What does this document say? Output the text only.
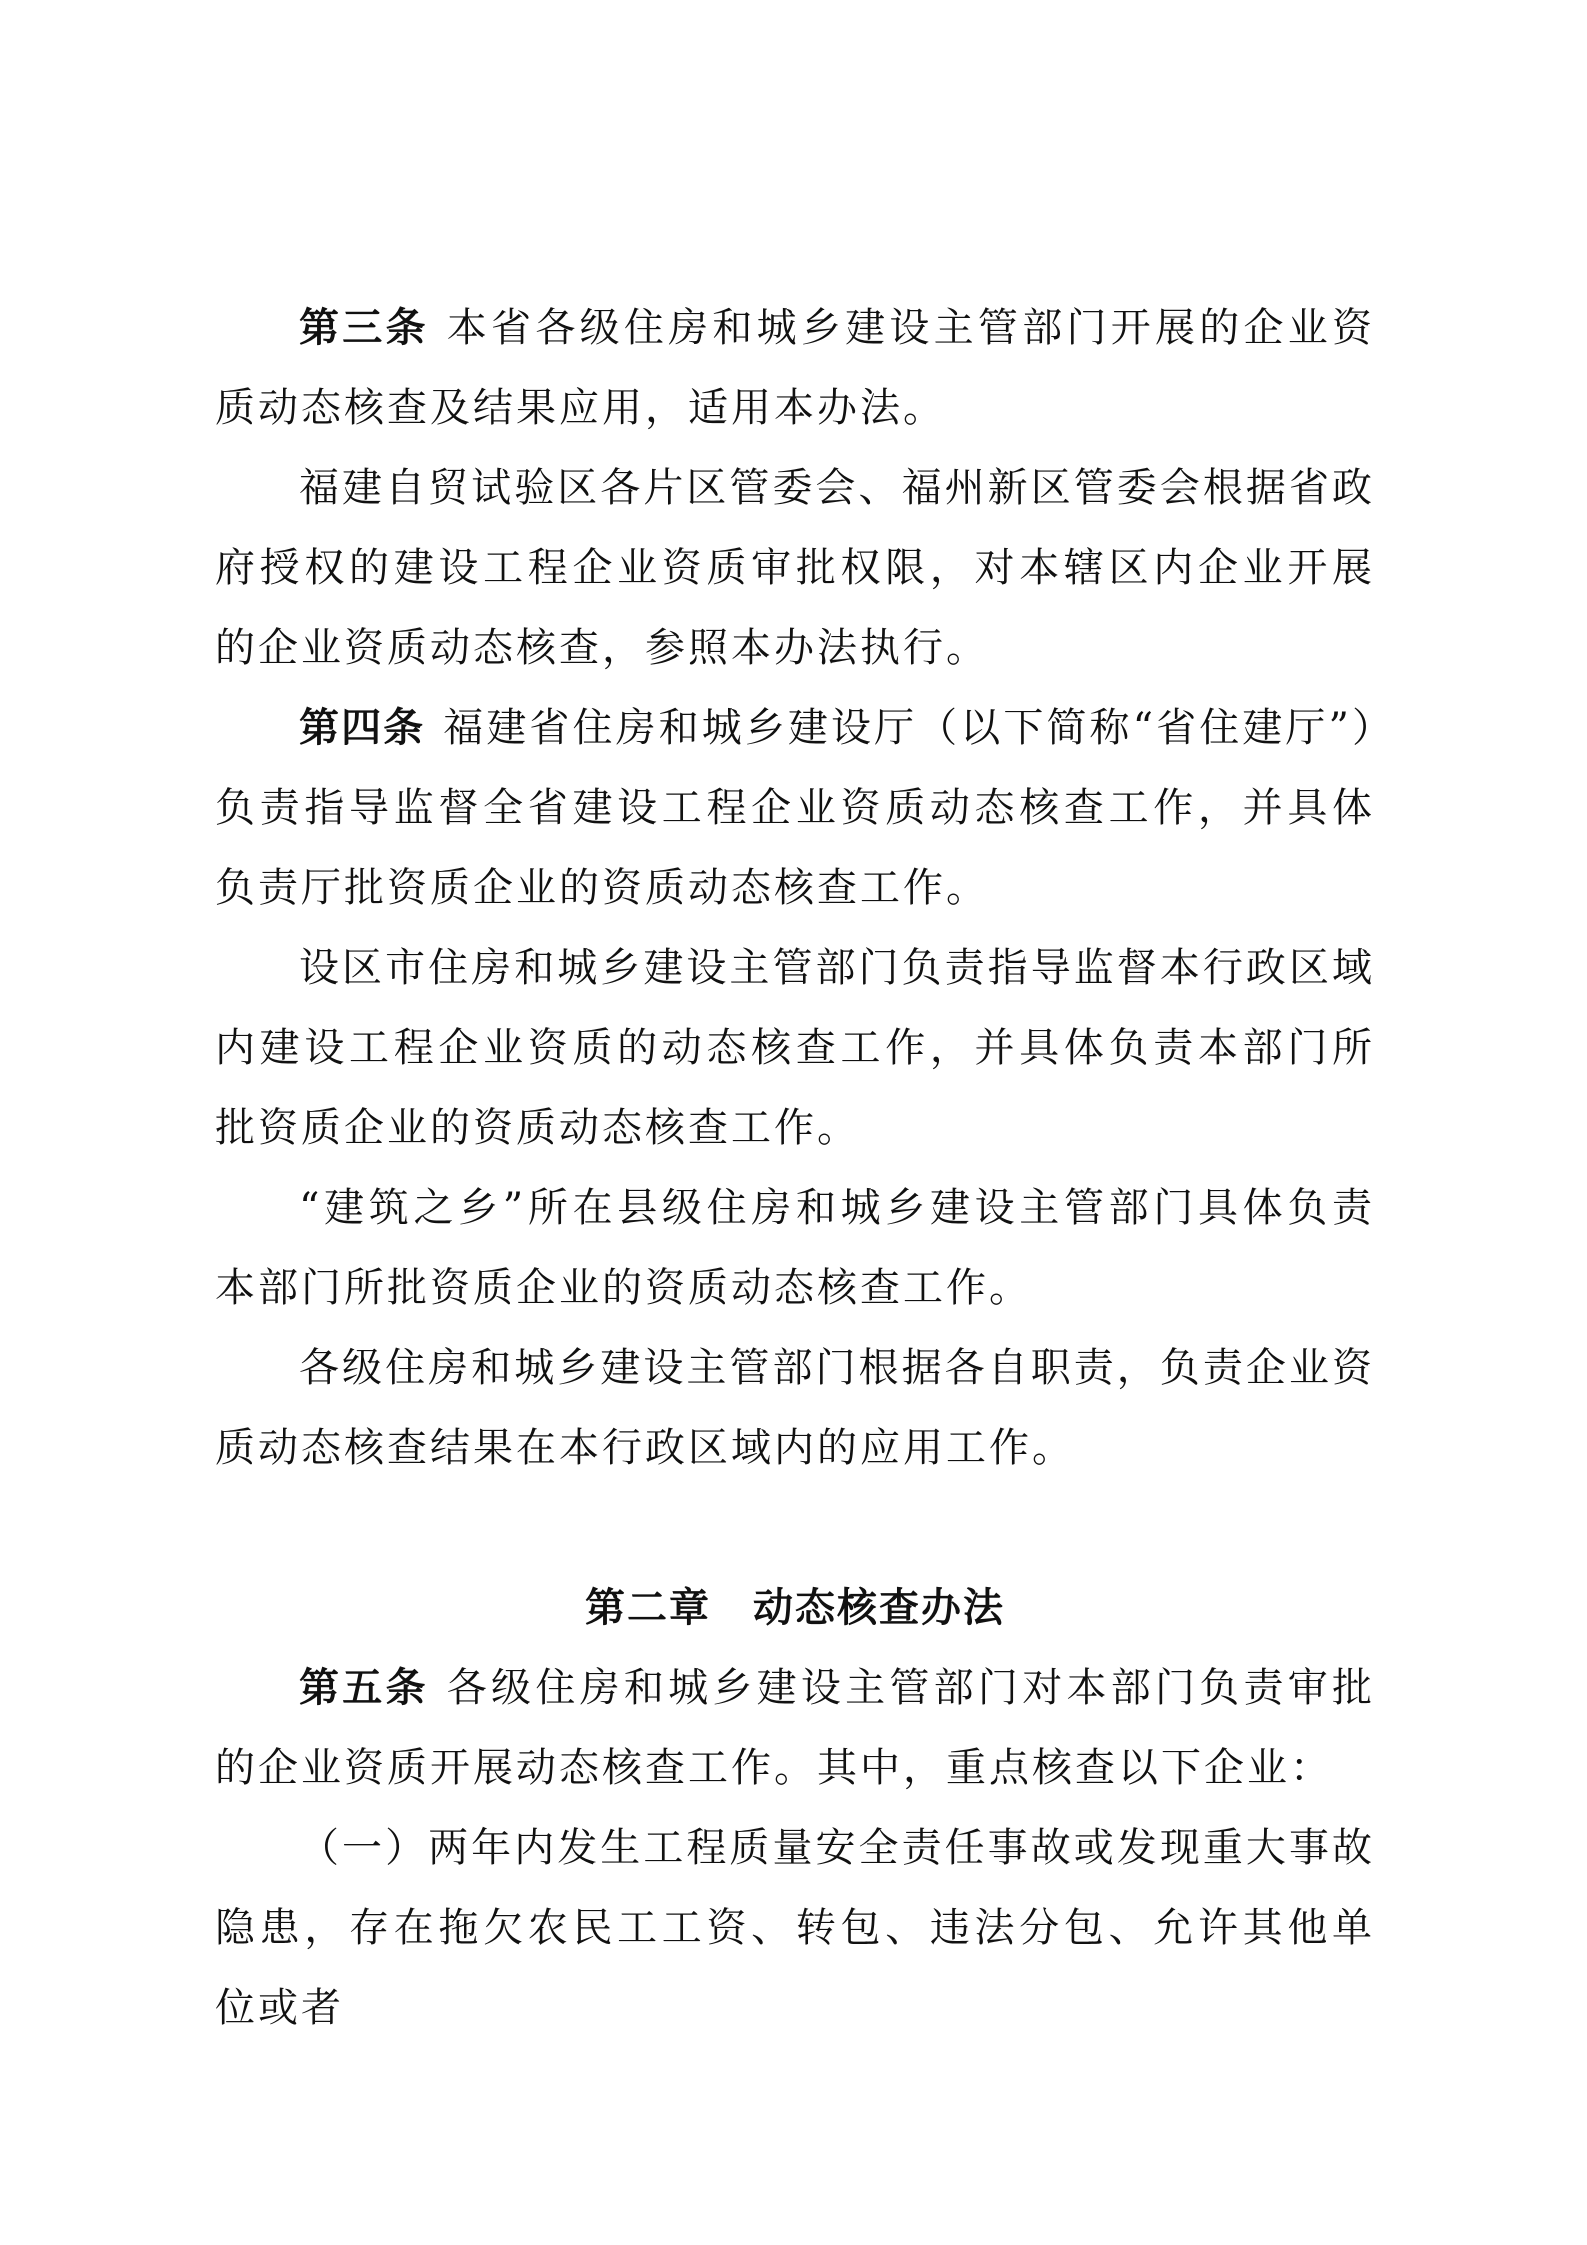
第三条 本省各级住房和城乡建设主管部门开展的企业资质动态核查及结果应用，适用本办法。

福建自贸试验区各片区管委会、福州新区管委会根据省政府授权的建设工程企业资质审批权限，对本辖区内企业开展的企业资质动态核查，参照本办法执行。

第四条 福建省住房和城乡建设厅（以下简称“省住建厅”）负责指导监督全省建设工程企业资质动态核查工作，并具体负责厅批资质企业的资质动态核查工作。

设区市住房和城乡建设主管部门负责指导监督本行政区域内建设工程企业资质的动态核查工作，并具体负责本部门所批资质企业的资质动态核查工作。

“建筑之乡”所在县级住房和城乡建设主管部门具体负责本部门所批资质企业的资质动态核查工作。

各级住房和城乡建设主管部门根据各自职责，负责企业资质动态核查结果在本行政区域内的应用工作。

第二章　动态核查办法

第五条 各级住房和城乡建设主管部门对本部门负责审批的企业资质开展动态核查工作。其中，重点核查以下企业：

（一）两年内发生工程质量安全责任事故或发现重大事故隐患，存在拖欠农民工工资、转包、违法分包、允许其他单位或者
